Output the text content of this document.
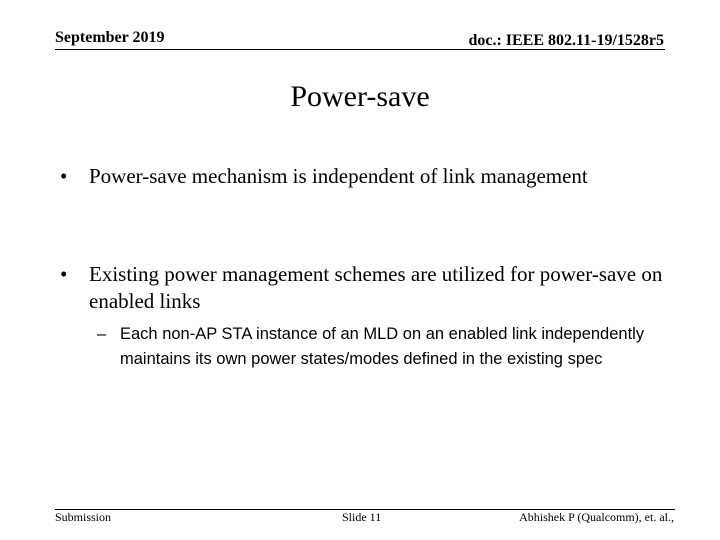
September 2019	doc.: IEEE 802.11-19/1528r5
Power-save
• Power-save mechanism is independent of link management
• Existing power management schemes are utilized for power-save on enabled links
– Each non-AP STA instance of an MLD on an enabled link independently maintains its own power states/modes defined in the existing spec
Submission	Slide 11	Abhishek P (Qualcomm), et. al.,
